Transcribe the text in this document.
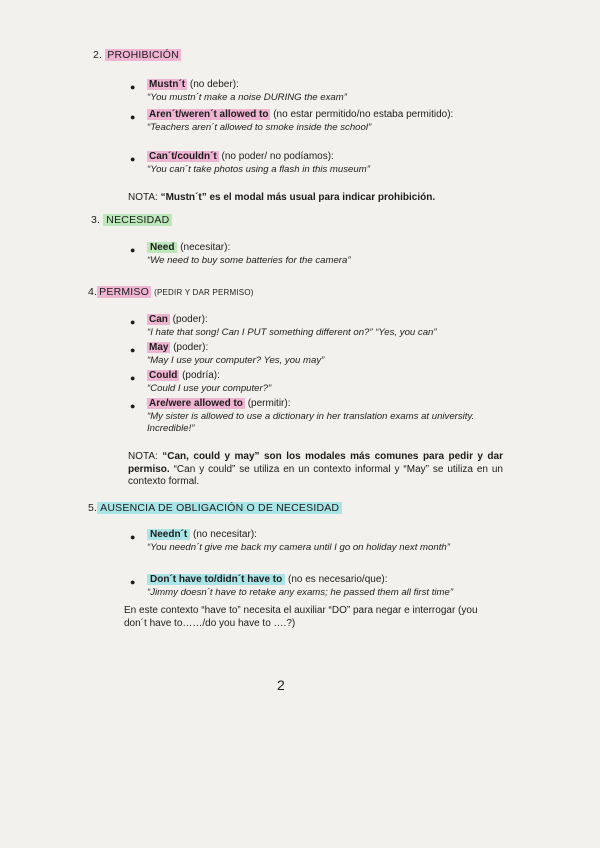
2. PROHIBICIÓN
● Mustn´t (no deber):
“You mustn´t make a noise DURING the exam”
● Aren´t/weren´t allowed to (no estar permitido/no estaba permitido):
“Teachers aren´t allowed to smoke inside the school”
● Can´t/couldn´t (no poder/ no podíamos):
“You can´t take photos using a flash in this museum”
NOTA: “Mustn´t” es el modal más usual para indicar prohibición.
3. NECESIDAD
●	Need (necesitar):
“We need to buy some batteries for the camera”
4. PERMISO (PEDIR Y DAR PERMISO)
● Can (poder):
“I hate that song! Can I PUT something different on?” “Yes, you can”
● May (poder):
“May I use your computer? Yes, you may”
● Could (podría):
“Could I use your computer?”
● Are/were allowed to (permitir):
“My sister is allowed to use a dictionary in her translation exams at university. Incredible!”
NOTA: “Can, could y may” son los modales más comunes para pedir y dar permiso. “Can y could” se utiliza en un contexto informal y “May” se utiliza en un contexto formal.
5. AUSENCIA DE OBLIGACIÓN O DE NECESIDAD
●	Needn´t (no necesitar):
“You needn´t give me back my camera until I go on holiday next month”
●	Don´t have to/didn´t have to (no es necesario/que):
“Jimmy doesn´t have to retake any exams; he passed them all first time”
En este contexto “have to” necesita el auxiliar “DO” para negar e interrogar (you don´t have to……/do you have to ….?)
2
